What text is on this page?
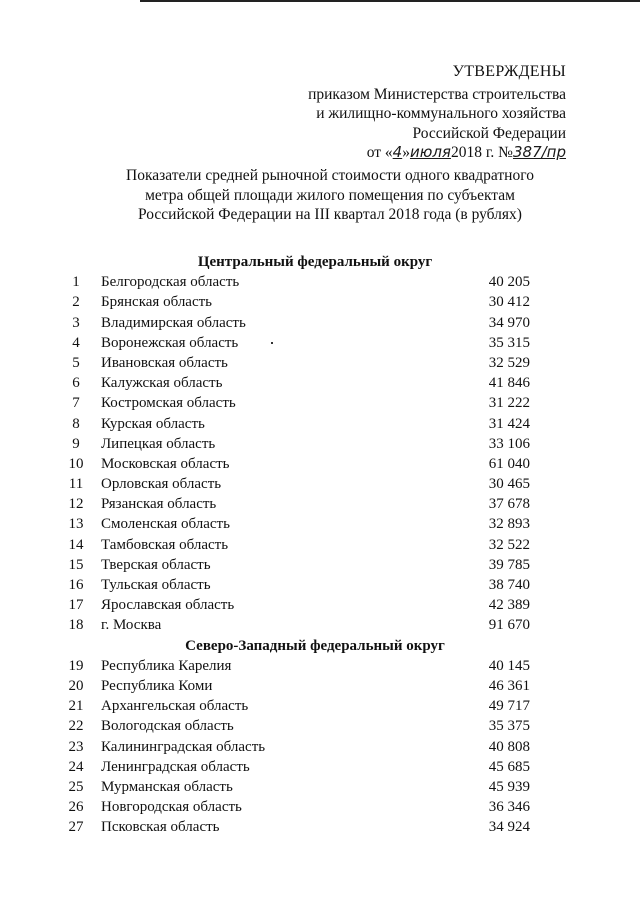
УТВЕРЖДЕНЫ
приказом Министерства строительства
и жилищно-коммунального хозяйства
Российской Федерации
от «4»июля2018 г. №387/пр
Показатели средней рыночной стоимости одного квадратного
метра общей площади жилого помещения по субъектам
Российской Федерации на III квартал 2018 года (в рублях)
Центральный федеральный округ
1	Белгородская область	40 205
2	Брянская область	30 412
3	Владимирская область	34 970
4	Воронежская область	35 315
5	Ивановская область	32 529
6	Калужская область	41 846
7	Костромская область	31 222
8	Курская область	31 424
9	Липецкая область	33 106
10	Московская область	61 040
11	Орловская область	30 465
12	Рязанская область	37 678
13	Смоленская область	32 893
14	Тамбовская область	32 522
15	Тверская область	39 785
16	Тульская область	38 740
17	Ярославская область	42 389
18	г. Москва	91 670
Северо-Западный федеральный округ
19	Республика Карелия	40 145
20	Республика Коми	46 361
21	Архангельская область	49 717
22	Вологодская область	35 375
23	Калининградская область	40 808
24	Ленинградская область	45 685
25	Мурманская область	45 939
26	Новгородская область	36 346
27	Псковская область	34 924
